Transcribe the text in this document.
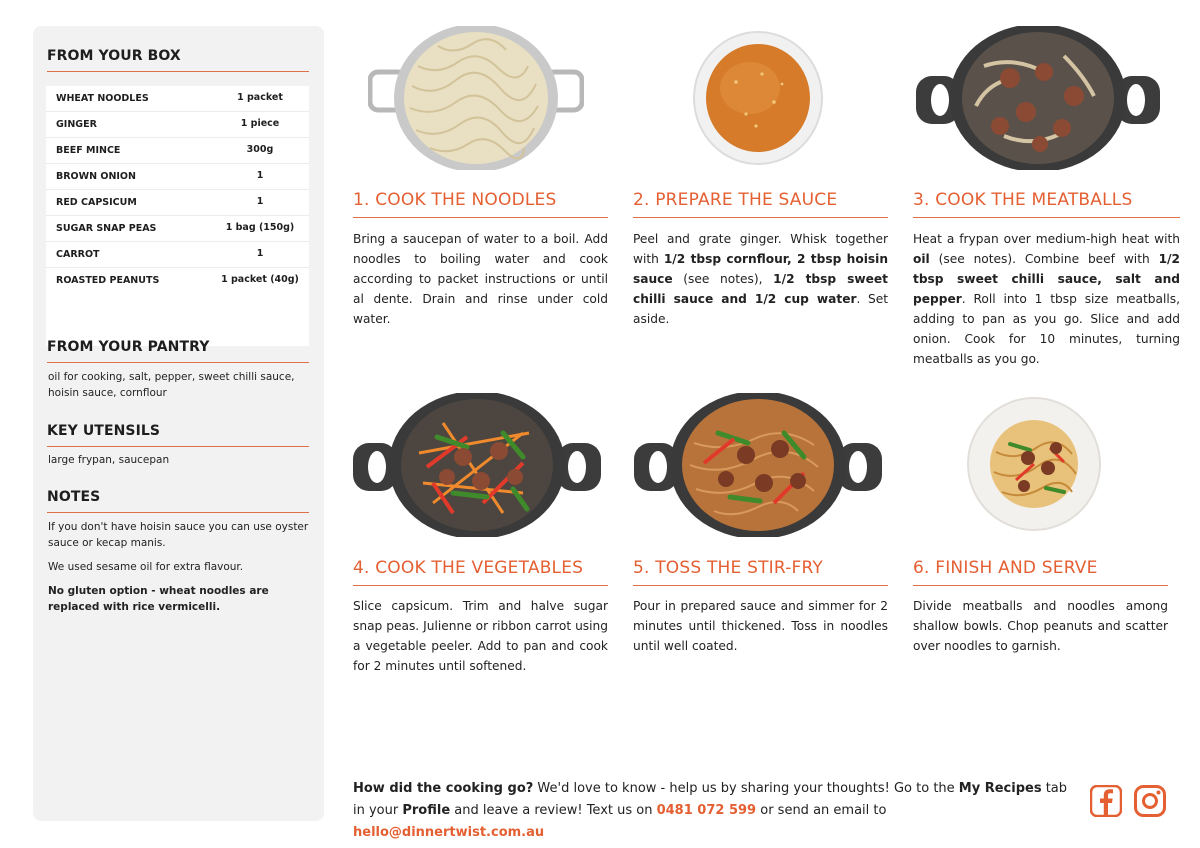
FROM YOUR BOX
WHEAT NOODLES	1 packet
GINGER	1 piece
BEEF MINCE	300g
BROWN ONION	1
RED CAPSICUM	1
SUGAR SNAP PEAS	1 bag (150g)
CARROT	1
ROASTED PEANUTS	1 packet (40g)
FROM YOUR PANTRY
oil for cooking, salt, pepper, sweet chilli sauce, hoisin sauce, cornflour
KEY UTENSILS
large frypan, saucepan
NOTES
If you don't have hoisin sauce you can use oyster sauce or kecap manis.
We used sesame oil for extra flavour.
No gluten option - wheat noodles are replaced with rice vermicelli.
1. COOK THE NOODLES
Bring a saucepan of water to a boil. Add noodles to boiling water and cook according to packet instructions or until al dente. Drain and rinse under cold water.
2. PREPARE THE SAUCE
Peel and grate ginger. Whisk together with 1/2 tbsp cornflour, 2 tbsp hoisin sauce (see notes), 1/2 tbsp sweet chilli sauce and 1/2 cup water. Set aside.
3. COOK THE MEATBALLS
Heat a frypan over medium-high heat with oil (see notes). Combine beef with 1/2 tbsp sweet chilli sauce, salt and pepper. Roll into 1 tbsp size meatballs, adding to pan as you go. Slice and add onion. Cook for 10 minutes, turning meatballs as you go.
4. COOK THE VEGETABLES
Slice capsicum. Trim and halve sugar snap peas. Julienne or ribbon carrot using a vegetable peeler. Add to pan and cook for 2 minutes until softened.
5. TOSS THE STIR-FRY
Pour in prepared sauce and simmer for 2 minutes until thickened. Toss in noodles until well coated.
6. FINISH AND SERVE
Divide meatballs and noodles among shallow bowls. Chop peanuts and scatter over noodles to garnish.
How did the cooking go? We'd love to know - help us by sharing your thoughts! Go to the My Recipes tab in your Profile and leave a review! Text us on 0481 072 599 or send an email to hello@dinnertwist.com.au
